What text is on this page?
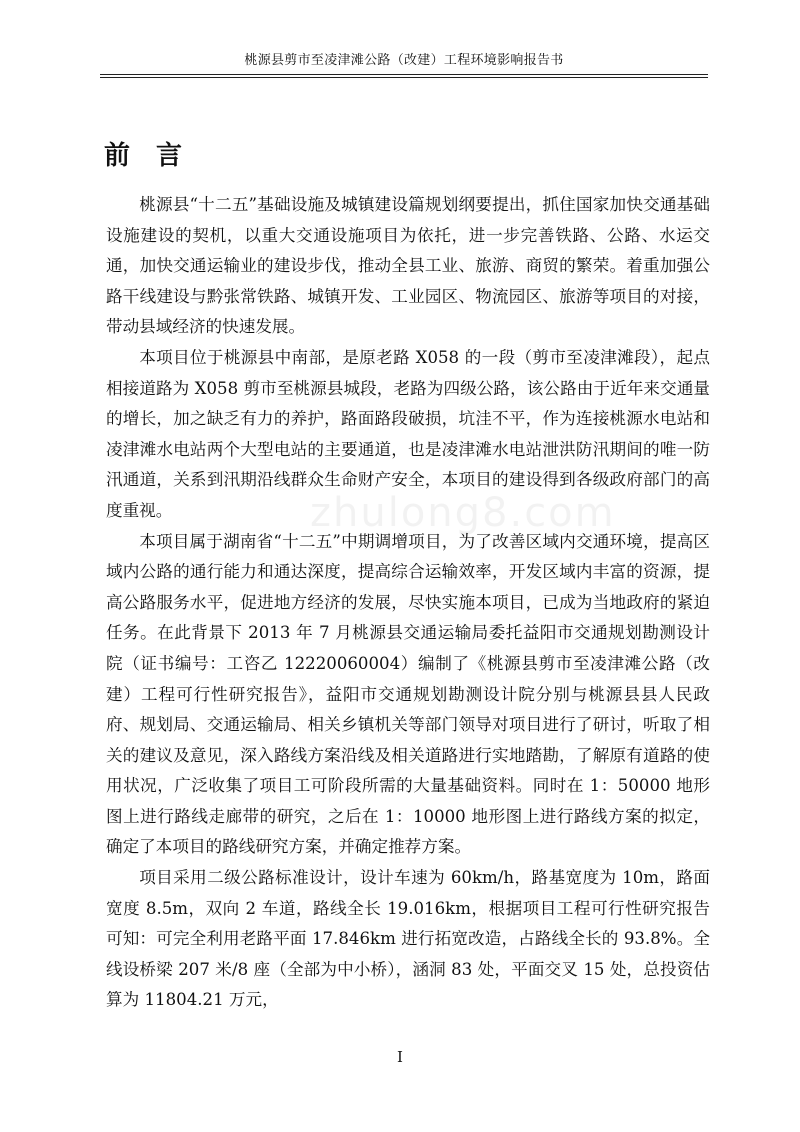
桃源县剪市至凌津滩公路（改建）工程环境影响报告书
zhulong8.com
前言

桃源县“十二五”基础设施及城镇建设篇规划纲要提出，抓住国家加快交通基础设施建设的契机，以重大交通设施项目为依托，进一步完善铁路、公路、水运交通，加快交通运输业的建设步伐，推动全县工业、旅游、商贸的繁荣。着重加强公路干线建设与黔张常铁路、城镇开发、工业园区、物流园区、旅游等项目的对接，带动县域经济的快速发展。

本项目位于桃源县中南部，是原老路 X058 的一段（剪市至凌津滩段），起点相接道路为 X058 剪市至桃源县城段，老路为四级公路，该公路由于近年来交通量的增长，加之缺乏有力的养护，路面路段破损，坑洼不平，作为连接桃源水电站和凌津滩水电站两个大型电站的主要通道，也是凌津滩水电站泄洪防汛期间的唯一防汛通道，关系到汛期沿线群众生命财产安全，本项目的建设得到各级政府部门的高度重视。

本项目属于湖南省“十二五”中期调增项目，为了改善区域内交通环境，提高区域内公路的通行能力和通达深度，提高综合运输效率，开发区域内丰富的资源，提高公路服务水平，促进地方经济的发展，尽快实施本项目，已成为当地政府的紧迫任务。在此背景下 2013 年 7 月桃源县交通运输局委托益阳市交通规划勘测设计院（证书编号：工咨乙 12220060004）编制了《桃源县剪市至凌津滩公路（改建）工程可行性研究报告》，益阳市交通规划勘测设计院分别与桃源县县人民政府、规划局、交通运输局、相关乡镇机关等部门领导对项目进行了研讨，听取了相关的建议及意见，深入路线方案沿线及相关道路进行实地踏勘，了解原有道路的使用状况，广泛收集了项目工可阶段所需的大量基础资料。同时在 1：50000 地形图上进行路线走廊带的研究，之后在 1：10000 地形图上进行路线方案的拟定，确定了本项目的路线研究方案，并确定推荐方案。

项目采用二级公路标准设计，设计车速为 60km/h，路基宽度为 10m，路面宽度 8.5m，双向 2 车道，路线全长 19.016km，根据项目工程可行性研究报告可知：可完全利用老路平面 17.846km 进行拓宽改造，占路线全长的 93.8%。全线设桥梁 207 米/8 座（全部为中小桥），涵洞 83 处，平面交叉 15 处，总投资估算为 11804.21 万元，

I
